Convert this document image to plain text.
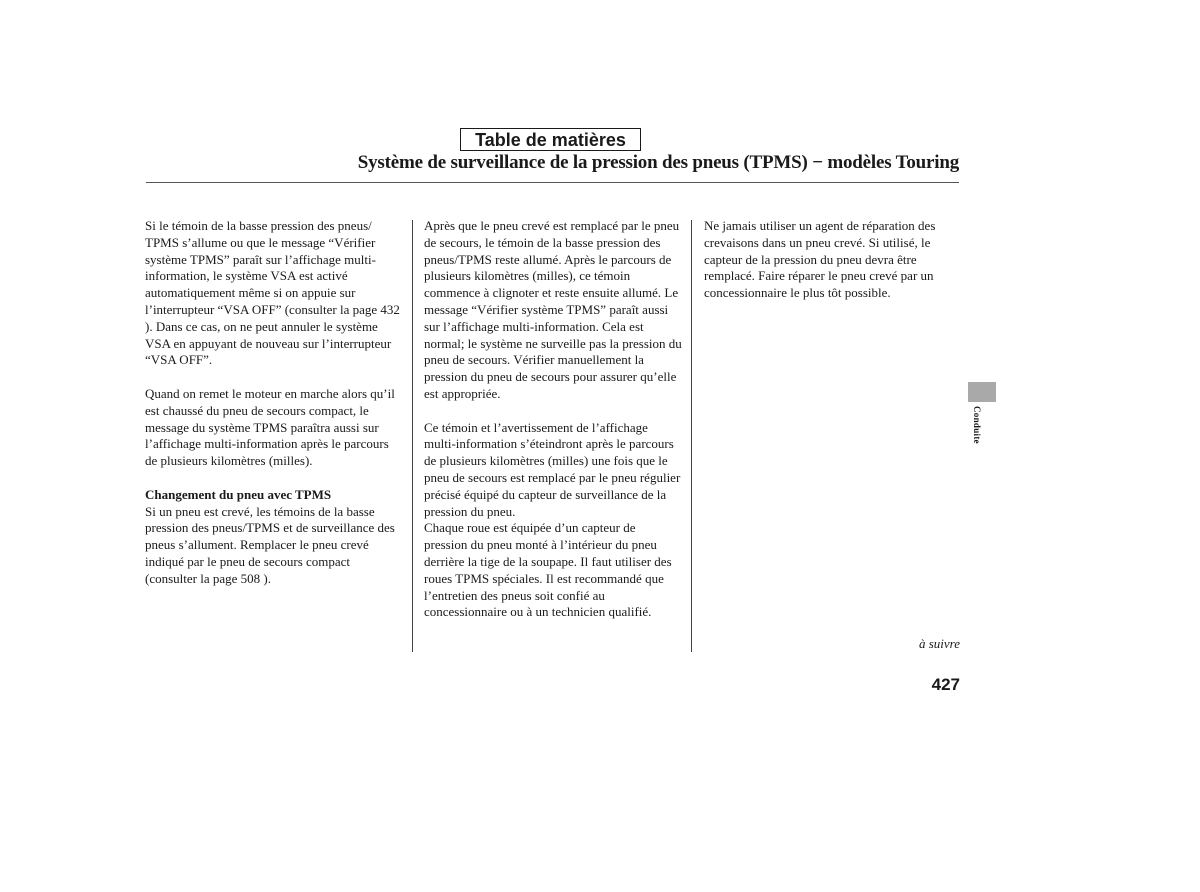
Table de matières
Système de surveillance de la pression des pneus (TPMS) − modèles Touring

Si le témoin de la basse pression des pneus/ TPMS s’allume ou que le message “Vérifier système TPMS” paraît sur l’affichage multi- information, le système VSA est activé automatiquement même si on appuie sur l’interrupteur “VSA OFF” (consulter la page 432 ). Dans ce cas, on ne peut annuler le système VSA en appuyant de nouveau sur l’interrupteur “VSA OFF”.

Quand on remet le moteur en marche alors qu’il est chaussé du pneu de secours compact, le message du système TPMS paraîtra aussi sur l’affichage multi-information après le parcours de plusieurs kilomètres (milles).

Changement du pneu avec TPMS

Si un pneu est crevé, les témoins de la basse pression des pneus/TPMS et de surveillance des pneus s’allument. Remplacer le pneu crevé indiqué par le pneu de secours compact (consulter la page 508 ).

Après que le pneu crevé est remplacé par le pneu de secours, le témoin de la basse pression des pneus/TPMS reste allumé. Après le parcours de plusieurs kilomètres (milles), ce témoin commence à clignoter et reste ensuite allumé. Le message “Vérifier système TPMS” paraît aussi sur l’affichage multi-information. Cela est normal; le système ne surveille pas la pression du pneu de secours. Vérifier manuellement la pression du pneu de secours pour assurer qu’elle est appropriée.

Ce témoin et l’avertissement de l’affichage multi-information s’éteindront après le parcours de plusieurs kilomètres (milles) une fois que le pneu de secours est remplacé par le pneu régulier précisé équipé du capteur de surveillance de la pression du pneu.

Chaque roue est équipée d’un capteur de pression du pneu monté à l’intérieur du pneu derrière la tige de la soupape. Il faut utiliser des roues TPMS spéciales. Il est recommandé que l’entretien des pneus soit confié au concessionnaire ou à un technicien qualifié.

Ne jamais utiliser un agent de réparation des crevaisons dans un pneu crevé. Si utilisé, le capteur de la pression du pneu devra être remplacé. Faire réparer le pneu crevé par un concessionnaire le plus tôt possible.

à suivre
427
Conduite
